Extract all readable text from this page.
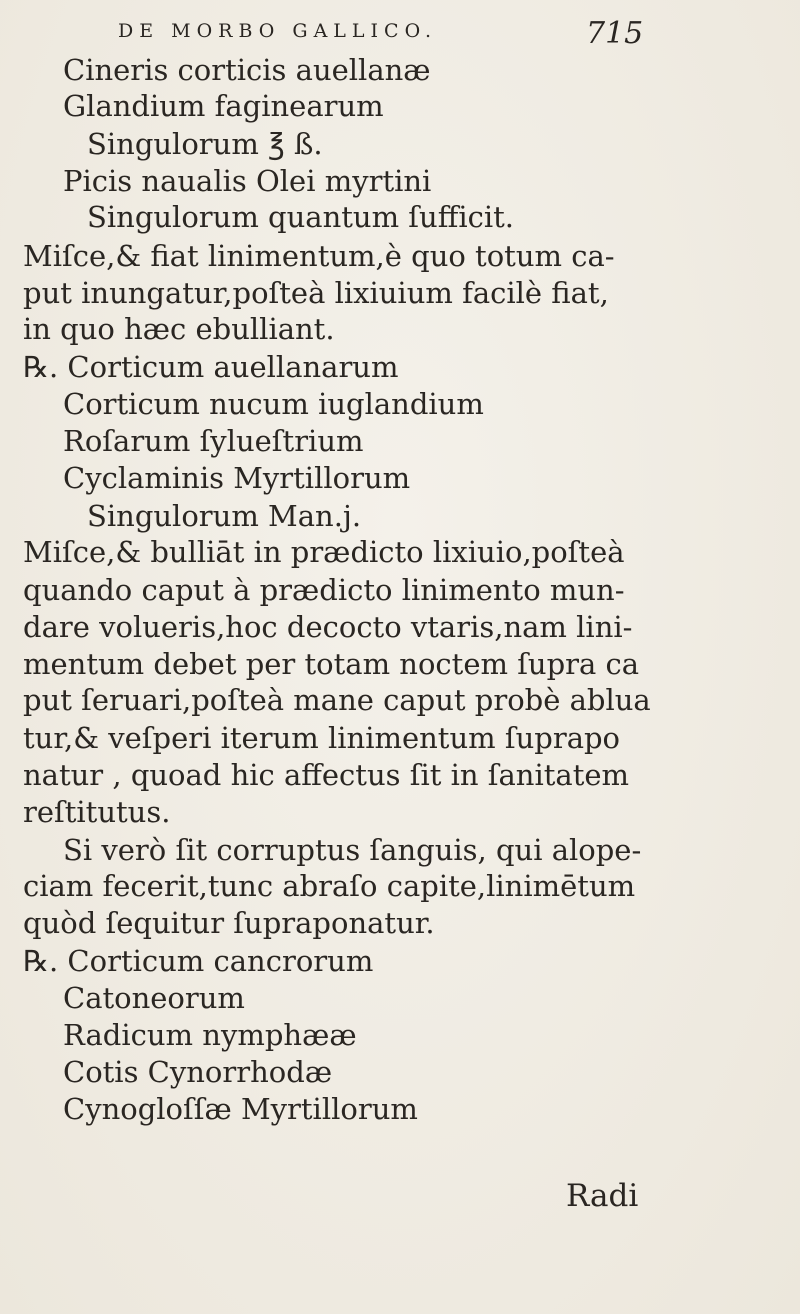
DE MORBO GALLICO.	715
Cineris corticis auellanæ
Glandium faginearum
Singulorum ℥ ß.
Picis naualis Olei myrtini
Singulorum quantum ſufficit.
Miſce,& fiat linimentum,è quo totum ca-
put inungatur,poſteà lixiuium facilè fiat,
in quo hæc ebulliant.
℞. Corticum auellanarum
Corticum nucum iuglandium
Roſarum ſylueſtrium
Cyclaminis Myrtillorum
Singulorum Man.j.
Miſce,& bulliāt in prædicto lixiuio,poſteà
quando caput à prædicto linimento mun-
dare volueris,hoc decocto vtaris,nam lini-
mentum debet per totam noctem ſupra ca
put ſeruari,poſteà mane caput probè ablua
tur,& veſperi iterum linimentum ſuprapo
natur , quoad hic affectus ſit in ſanitatem
reſtitutus.
Si verò ſit corruptus ſanguis, qui alope-
ciam fecerit,tunc abraſo capite,linimētum
quòd ſequitur ſupraponatur.
℞. Corticum cancrorum
Catoneorum
Radicum nymphææ
Cotis Cynorrhodæ
Cynogloſſæ Myrtillorum
Radi
